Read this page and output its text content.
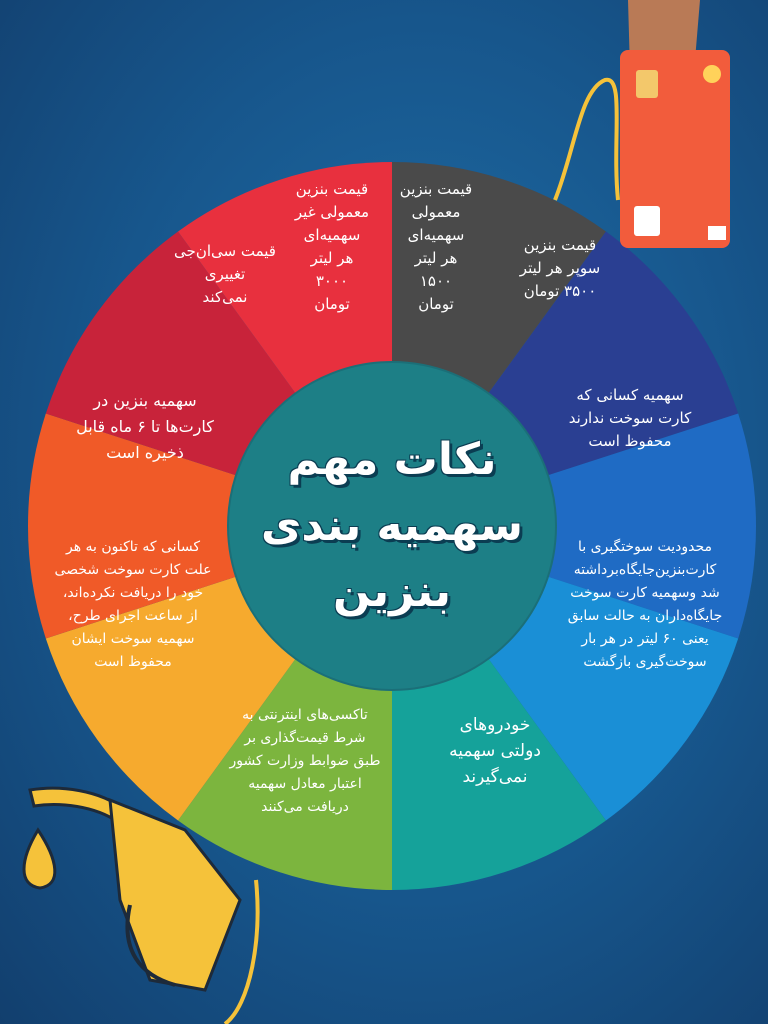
قیمت بنزین
معمولی
سهمیه‌ای
هر لیتر
۱۵۰۰
تومان
قیمت بنزین
سوپر هر لیتر
۳۵۰۰ تومان
سهمیه کسانی که
کارت سوخت ندارند
محفوظ است
محدودیت سوختگیری با
کارت‌بنزین‌جایگاه‌برداشته
شد وسهمیه کارت سوخت
جایگاه‌داران به حالت سابق
یعنی ۶۰ لیتر در هر بار
سوخت‌گیری بازگشت
خودروهای
دولتی سهمیه
نمی‌گیرند
تاکسی‌های اینترنتی به
شرط قیمت‌گذاری بر
طبق ضوابط وزارت کشور
اعتبار معادل سهمیه
دریافت می‌کنند
کسانی که تاکنون به هر
علت کارت سوخت شخصی
خود را دریافت نکرده‌اند،
از ساعت اجرای طرح،
سهمیه سوخت ایشان
محفوظ است
سهمیه بنزین در
کارت‌ها تا ۶ ماه قابل
ذخیره است
قیمت سی‌ان‌جی
تغییری
نمی‌کند
قیمت بنزین
معمولی غیر
سهمیه‌ای
هر لیتر
۳۰۰۰
تومان
نکات مهم
سهمیه بندی
بنزین
